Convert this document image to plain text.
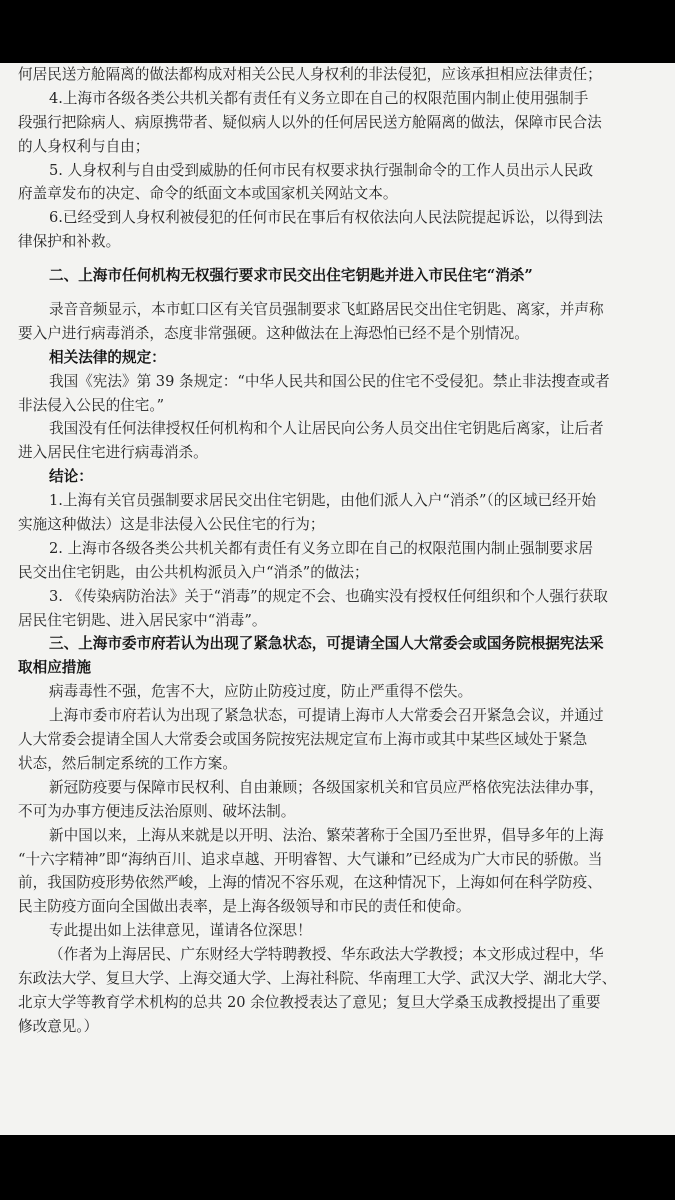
何居民送方舱隔离的做法都构成对相关公民人身权利的非法侵犯，应该承担相应法律责任；
4.上海市各级各类公共机关都有责任有义务立即在自己的权限范围内制止使用强制手
段强行把除病人、病原携带者、疑似病人以外的任何居民送方舱隔离的做法，保障市民合法
的人身权利与自由；
5. 人身权利与自由受到威胁的任何市民有权要求执行强制命令的工作人员出示人民政
府盖章发布的决定、命令的纸面文本或国家机关网站文本。
6.已经受到人身权利被侵犯的任何市民在事后有权依法向人民法院提起诉讼，以得到法
律保护和补救。
二、上海市任何机构无权强行要求市民交出住宅钥匙并进入市民住宅“消杀”
录音音频显示，本市虹口区有关官员强制要求飞虹路居民交出住宅钥匙、离家，并声称
要入户进行病毒消杀，态度非常强硬。这种做法在上海恐怕已经不是个别情况。
相关法律的规定：
我国《宪法》第 39 条规定：“中华人民共和国公民的住宅不受侵犯。禁止非法搜查或者
非法侵入公民的住宅。”
我国没有任何法律授权任何机构和个人让居民向公务人员交出住宅钥匙后离家，让后者
进入居民住宅进行病毒消杀。
结论：
1.上海有关官员强制要求居民交出住宅钥匙，由他们派人入户“消杀”（的区域已经开始
实施这种做法）这是非法侵入公民住宅的行为；
2. 上海市各级各类公共机关都有责任有义务立即在自己的权限范围内制止强制要求居
民交出住宅钥匙，由公共机构派员入户“消杀”的做法；
3. 《传染病防治法》关于“消毒”的规定不会、也确实没有授权任何组织和个人强行获取
居民住宅钥匙、进入居民家中“消毒”。
三、上海市委市府若认为出现了紧急状态，可提请全国人大常委会或国务院根据宪法采
取相应措施
病毒毒性不强，危害不大，应防止防疫过度，防止严重得不偿失。
上海市委市府若认为出现了紧急状态，可提请上海市人大常委会召开紧急会议，并通过
人大常委会提请全国人大常委会或国务院按宪法规定宣布上海市或其中某些区域处于紧急
状态，然后制定系统的工作方案。
新冠防疫要与保障市民权利、自由兼顾；各级国家机关和官员应严格依宪法法律办事，
不可为办事方便违反法治原则、破坏法制。
新中国以来，上海从来就是以开明、法治、繁荣著称于全国乃至世界，倡导多年的上海
“十六字精神”即“海纳百川、追求卓越、开明睿智、大气谦和”已经成为广大市民的骄傲。当
前，我国防疫形势依然严峻，上海的情况不容乐观，在这种情况下，上海如何在科学防疫、
民主防疫方面向全国做出表率，是上海各级领导和市民的责任和使命。
专此提出如上法律意见，谨请各位深思！
（作者为上海居民、广东财经大学特聘教授、华东政法大学教授；本文形成过程中，华
东政法大学、复旦大学、上海交通大学、上海社科院、华南理工大学、武汉大学、湖北大学、
北京大学等教育学术机构的总共 20 余位教授表达了意见；复旦大学桑玉成教授提出了重要
修改意见。）
